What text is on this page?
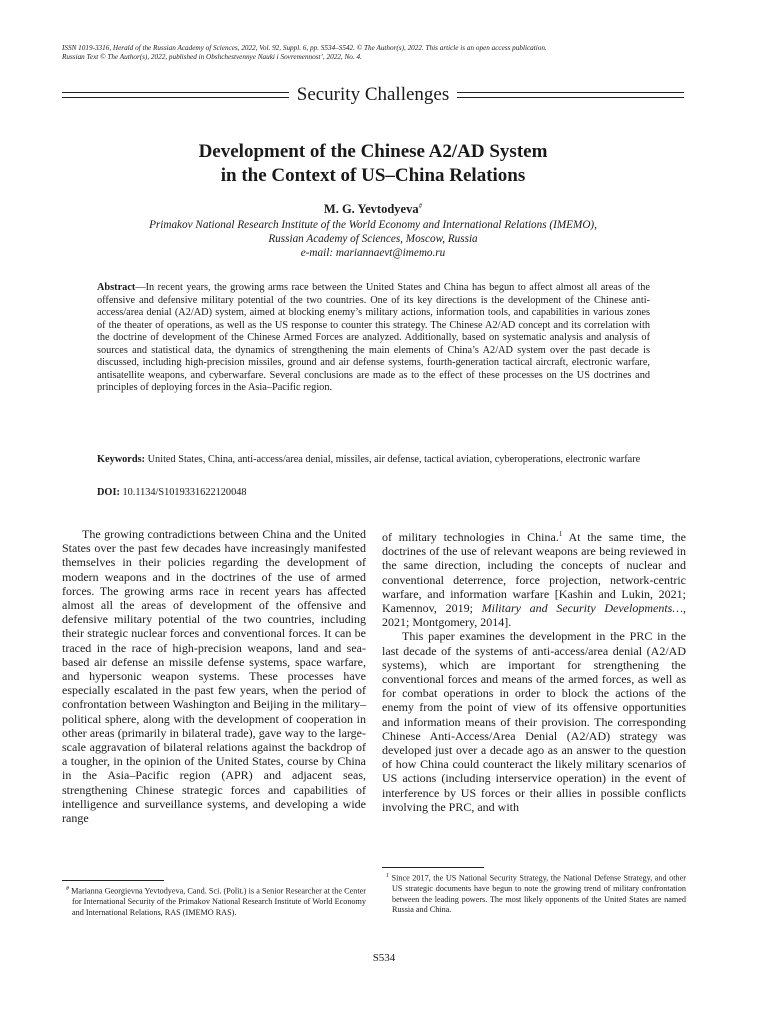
ISSN 1019-3316, Herald of the Russian Academy of Sciences, 2022, Vol. 92, Suppl. 6, pp. S534–S542. © The Author(s), 2022. This article is an open access publication.
Russian Text © The Author(s), 2022, published in Obshchestvennye Nauki i Sovremennost’, 2022, No. 4.
Security Challenges
Development of the Chinese A2/AD System
in the Context of US–China Relations
M. G. Yevtodyeva#
Primakov National Research Institute of the World Economy and International Relations (IMEMO),
Russian Academy of Sciences, Moscow, Russia
e-mail: mariannaevt@imemo.ru
Abstract—In recent years, the growing arms race between the United States and China has begun to affect almost all areas of the offensive and defensive military potential of the two countries. One of its key directions is the development of the Chinese anti-access/area denial (A2/AD) system, aimed at blocking enemy’s military actions, information tools, and capabilities in various zones of the theater of operations, as well as the US response to counter this strategy. The Chinese A2/AD concept and its correlation with the doctrine of development of the Chinese Armed Forces are analyzed. Additionally, based on systematic analysis and analysis of sources and statistical data, the dynamics of strengthening the main elements of China’s A2/AD system over the past decade is discussed, including high-precision missiles, ground and air defense systems, fourth-generation tactical aircraft, electronic warfare, antisatellite weapons, and cyberwarfare. Several conclusions are made as to the effect of these processes on the US doctrines and principles of deploying forces in the Asia–Pacific region.
Keywords: United States, China, anti-access/area denial, missiles, air defense, tactical aviation, cyberoperations, electronic warfare
DOI: 10.1134/S1019331622120048

The growing contradictions between China and the United States over the past few decades have increasingly manifested themselves in their policies regarding the development of modern weapons and in the doctrines of the use of armed forces. The growing arms race in recent years has affected almost all the areas of development of the offensive and defensive military potential of the two countries, including their strategic nuclear forces and conventional forces. It can be traced in the race of high-precision weapons, land and sea-based air defense an missile defense systems, space warfare, and hypersonic weapon systems. These processes have especially escalated in the past few years, when the period of confrontation between Washington and Beijing in the military–political sphere, along with the development of cooperation in other areas (primarily in bilateral trade), gave way to the large-scale aggravation of bilateral relations against the backdrop of a tougher, in the opinion of the United States, course by China in the Asia–Pacific region (APR) and adjacent seas, strengthening Chinese strategic forces and capabilities of intelligence and surveillance systems, and developing a wide range

of military technologies in China.$^1$ At the same time, the doctrines of the use of relevant weapons are being reviewed in the same direction, including the concepts of nuclear and conventional deterrence, force projection, network-centric warfare, and information warfare [Kashin and Lukin, 2021; Kamennov, 2019; Military and Security Developments…, 2021; Montgomery, 2014].

This paper examines the development in the PRC in the last decade of the systems of anti-access/area denial (A2/AD systems), which are important for strengthening the conventional forces and means of the armed forces, as well as for combat operations in order to block the actions of the enemy from the point of view of its offensive opportunities and information means of their provision. The corresponding Chinese Anti-Access/Area Denial (A2/AD) strategy was developed just over a decade ago as an answer to the question of how China could counteract the likely military scenarios of US actions (including interservice operation) in the event of interference by US forces or their allies in possible conflicts involving the PRC, and with

# Marianna Georgievna Yevtodyeva, Cand. Sci. (Polit.) is a Senior Researcher at the Center for International Security of the Primakov National Research Institute of World Economy and International Relations, RAS (IMEMO RAS).
$^1$ Since 2017, the US National Security Strategy, the National Defense Strategy, and other US strategic documents have begun to note the growing trend of military confrontation between the leading powers. The most likely opponents of the United States are named Russia and China.
S534
